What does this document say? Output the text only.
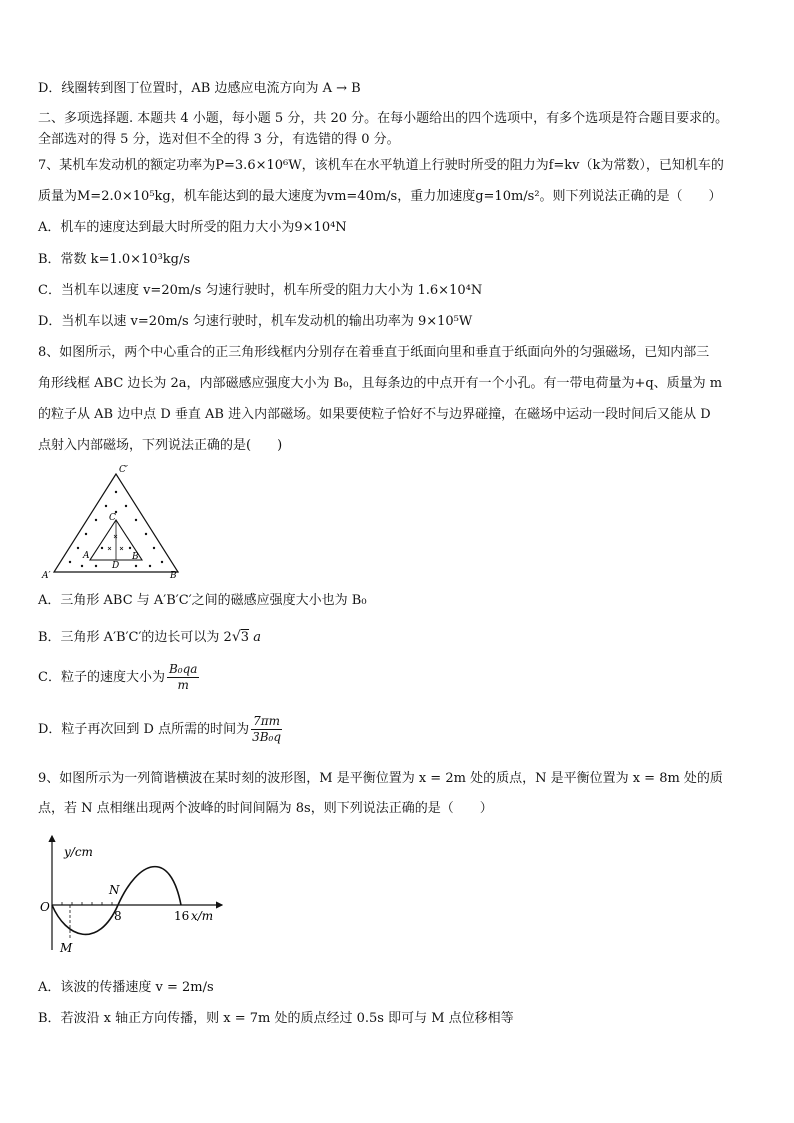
D．线圈转到图丁位置时，AB 边感应电流方向为 A → B
二、多项选择题. 本题共 4 小题，每小题 5 分，共 20 分。在每小题给出的四个选项中，有多个选项是符合题目要求的。
全部选对的得 5 分，选对但不全的得 3 分，有选错的得 0 分。
7、某机车发动机的额定功率为P=3.6×10⁶W，该机车在水平轨道上行驶时所受的阻力为f=kv（k为常数），已知机车的
质量为M=2.0×10⁵kg，机车能达到的最大速度为vm=40m/s，重力加速度g=10m/s²。则下列说法正确的是（　　）
A．机车的速度达到最大时所受的阻力大小为9×10⁴N
B．常数 k=1.0×10³kg/s
C．当机车以速度 v=20m/s 匀速行驶时，机车所受的阻力大小为 1.6×10⁴N
D．当机车以速 v=20m/s 匀速行驶时，机车发动机的输出功率为 9×10⁵W
8、如图所示，两个中心重合的正三角形线框内分别存在着垂直于纸面向里和垂直于纸面向外的匀强磁场，已知内部三
角形线框 ABC 边长为 2a，内部磁感应强度大小为 B₀，且每条边的中点开有一个小孔。有一带电荷量为+q、质量为 m
的粒子从 AB 边中点 D 垂直 AB 进入内部磁场。如果要使粒子恰好不与边界碰撞，在磁场中运动一段时间后又能从 D
点射入内部磁场，下列说法正确的是(　　)
C′
A′	B′
C
A	B
D
A．三角形 ABC 与 A′B′C′之间的磁感应强度大小也为 B₀
B．三角形 A′B′C′的边长可以为 2√3 a
C．粒子的速度大小为 $\frac{\text{B₀qa}}{m}$
D．粒子再次回到 D 点所需的时间为 $\frac{7\pi m}{\text{3B₀q}}$
9、如图所示为一列简谐横波在某时刻的波形图，M 是平衡位置为 x = 2m 处的质点，N 是平衡位置为 x = 8m 处的质
点，若 N 点相继出现两个波峰的时间间隔为 8s，则下列说法正确的是（　　）
y/cm
O
8	16 x/m
N
M
A．该波的传播速度 v = 2m/s
B．若波沿 x 轴正方向传播，则 x = 7m 处的质点经过 0.5s 即可与 M 点位移相等
